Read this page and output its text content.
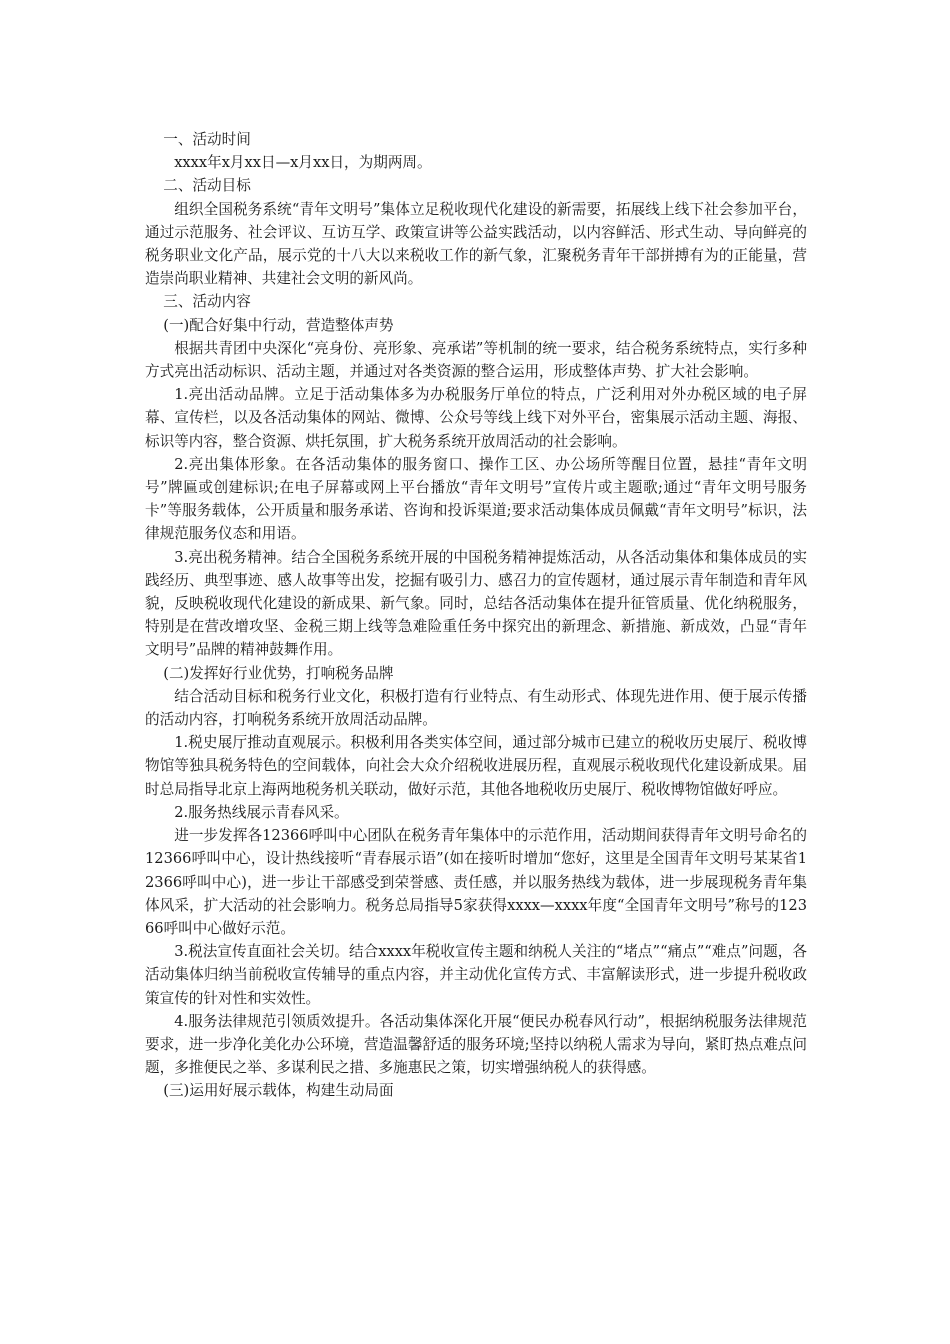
一、活动时间

xxxx年x月xx日—x月xx日，为期两周。

二、活动目标

组织全国税务系统“青年文明号”集体立足税收现代化建设的新需要，拓展线上线下社会参加平台，通过示范服务、社会评议、互访互学、政策宣讲等公益实践活动，以内容鲜活、形式生动、导向鲜亮的税务职业文化产品，展示党的十八大以来税收工作的新气象，汇聚税务青年干部拼搏有为的正能量，营造崇尚职业精神、共建社会文明的新风尚。

三、活动内容

(一)配合好集中行动，营造整体声势

根据共青团中央深化“亮身份、亮形象、亮承诺”等机制的统一要求，结合税务系统特点，实行多种方式亮出活动标识、活动主题，并通过对各类资源的整合运用，形成整体声势、扩大社会影响。

1.亮出活动品牌。立足于活动集体多为办税服务厅单位的特点，广泛利用对外办税区域的电子屏幕、宣传栏，以及各活动集体的网站、微博、公众号等线上线下对外平台，密集展示活动主题、海报、标识等内容，整合资源、烘托氛围，扩大税务系统开放周活动的社会影响。

2.亮出集体形象。在各活动集体的服务窗口、操作工区、办公场所等醒目位置，悬挂“青年文明号”牌匾或创建标识;在电子屏幕或网上平台播放“青年文明号”宣传片或主题歌;通过“青年文明号服务卡”等服务载体，公开质量和服务承诺、咨询和投诉渠道;要求活动集体成员佩戴“青年文明号”标识，法律规范服务仪态和用语。

3.亮出税务精神。结合全国税务系统开展的中国税务精神提炼活动，从各活动集体和集体成员的实践经历、典型事迹、感人故事等出发，挖掘有吸引力、感召力的宣传题材，通过展示青年制造和青年风貌，反映税收现代化建设的新成果、新气象。同时，总结各活动集体在提升征管质量、优化纳税服务，特别是在营改增攻坚、金税三期上线等急难险重任务中探究出的新理念、新措施、新成效，凸显“青年文明号”品牌的精神鼓舞作用。

(二)发挥好行业优势，打响税务品牌

结合活动目标和税务行业文化，积极打造有行业特点、有生动形式、体现先进作用、便于展示传播的活动内容，打响税务系统开放周活动品牌。

1.税史展厅推动直观展示。积极利用各类实体空间，通过部分城市已建立的税收历史展厅、税收博物馆等独具税务特色的空间载体，向社会大众介绍税收进展历程，直观展示税收现代化建设新成果。届时总局指导北京上海两地税务机关联动，做好示范，其他各地税收历史展厅、税收博物馆做好呼应。

2.服务热线展示青春风采。

进一步发挥各12366呼叫中心团队在税务青年集体中的示范作用，活动期间获得青年文明号命名的12366呼叫中心，设计热线接听“青春展示语”(如在接听时增加“您好，这里是全国青年文明号某某省12366呼叫中心)，进一步让干部感受到荣誉感、责任感，并以服务热线为载体，进一步展现税务青年集体风采，扩大活动的社会影响力。税务总局指导5家获得xxxx—xxxx年度“全国青年文明号”称号的12366呼叫中心做好示范。

3.税法宣传直面社会关切。结合xxxx年税收宣传主题和纳税人关注的“堵点”“痛点”“难点”问题，各活动集体归纳当前税收宣传辅导的重点内容，并主动优化宣传方式、丰富解读形式，进一步提升税收政策宣传的针对性和实效性。

4.服务法律规范引领质效提升。各活动集体深化开展“便民办税春风行动”，根据纳税服务法律规范要求，进一步净化美化办公环境，营造温馨舒适的服务环境;坚持以纳税人需求为导向，紧盯热点难点问题，多推便民之举、多谋利民之措、多施惠民之策，切实增强纳税人的获得感。

(三)运用好展示载体，构建生动局面
